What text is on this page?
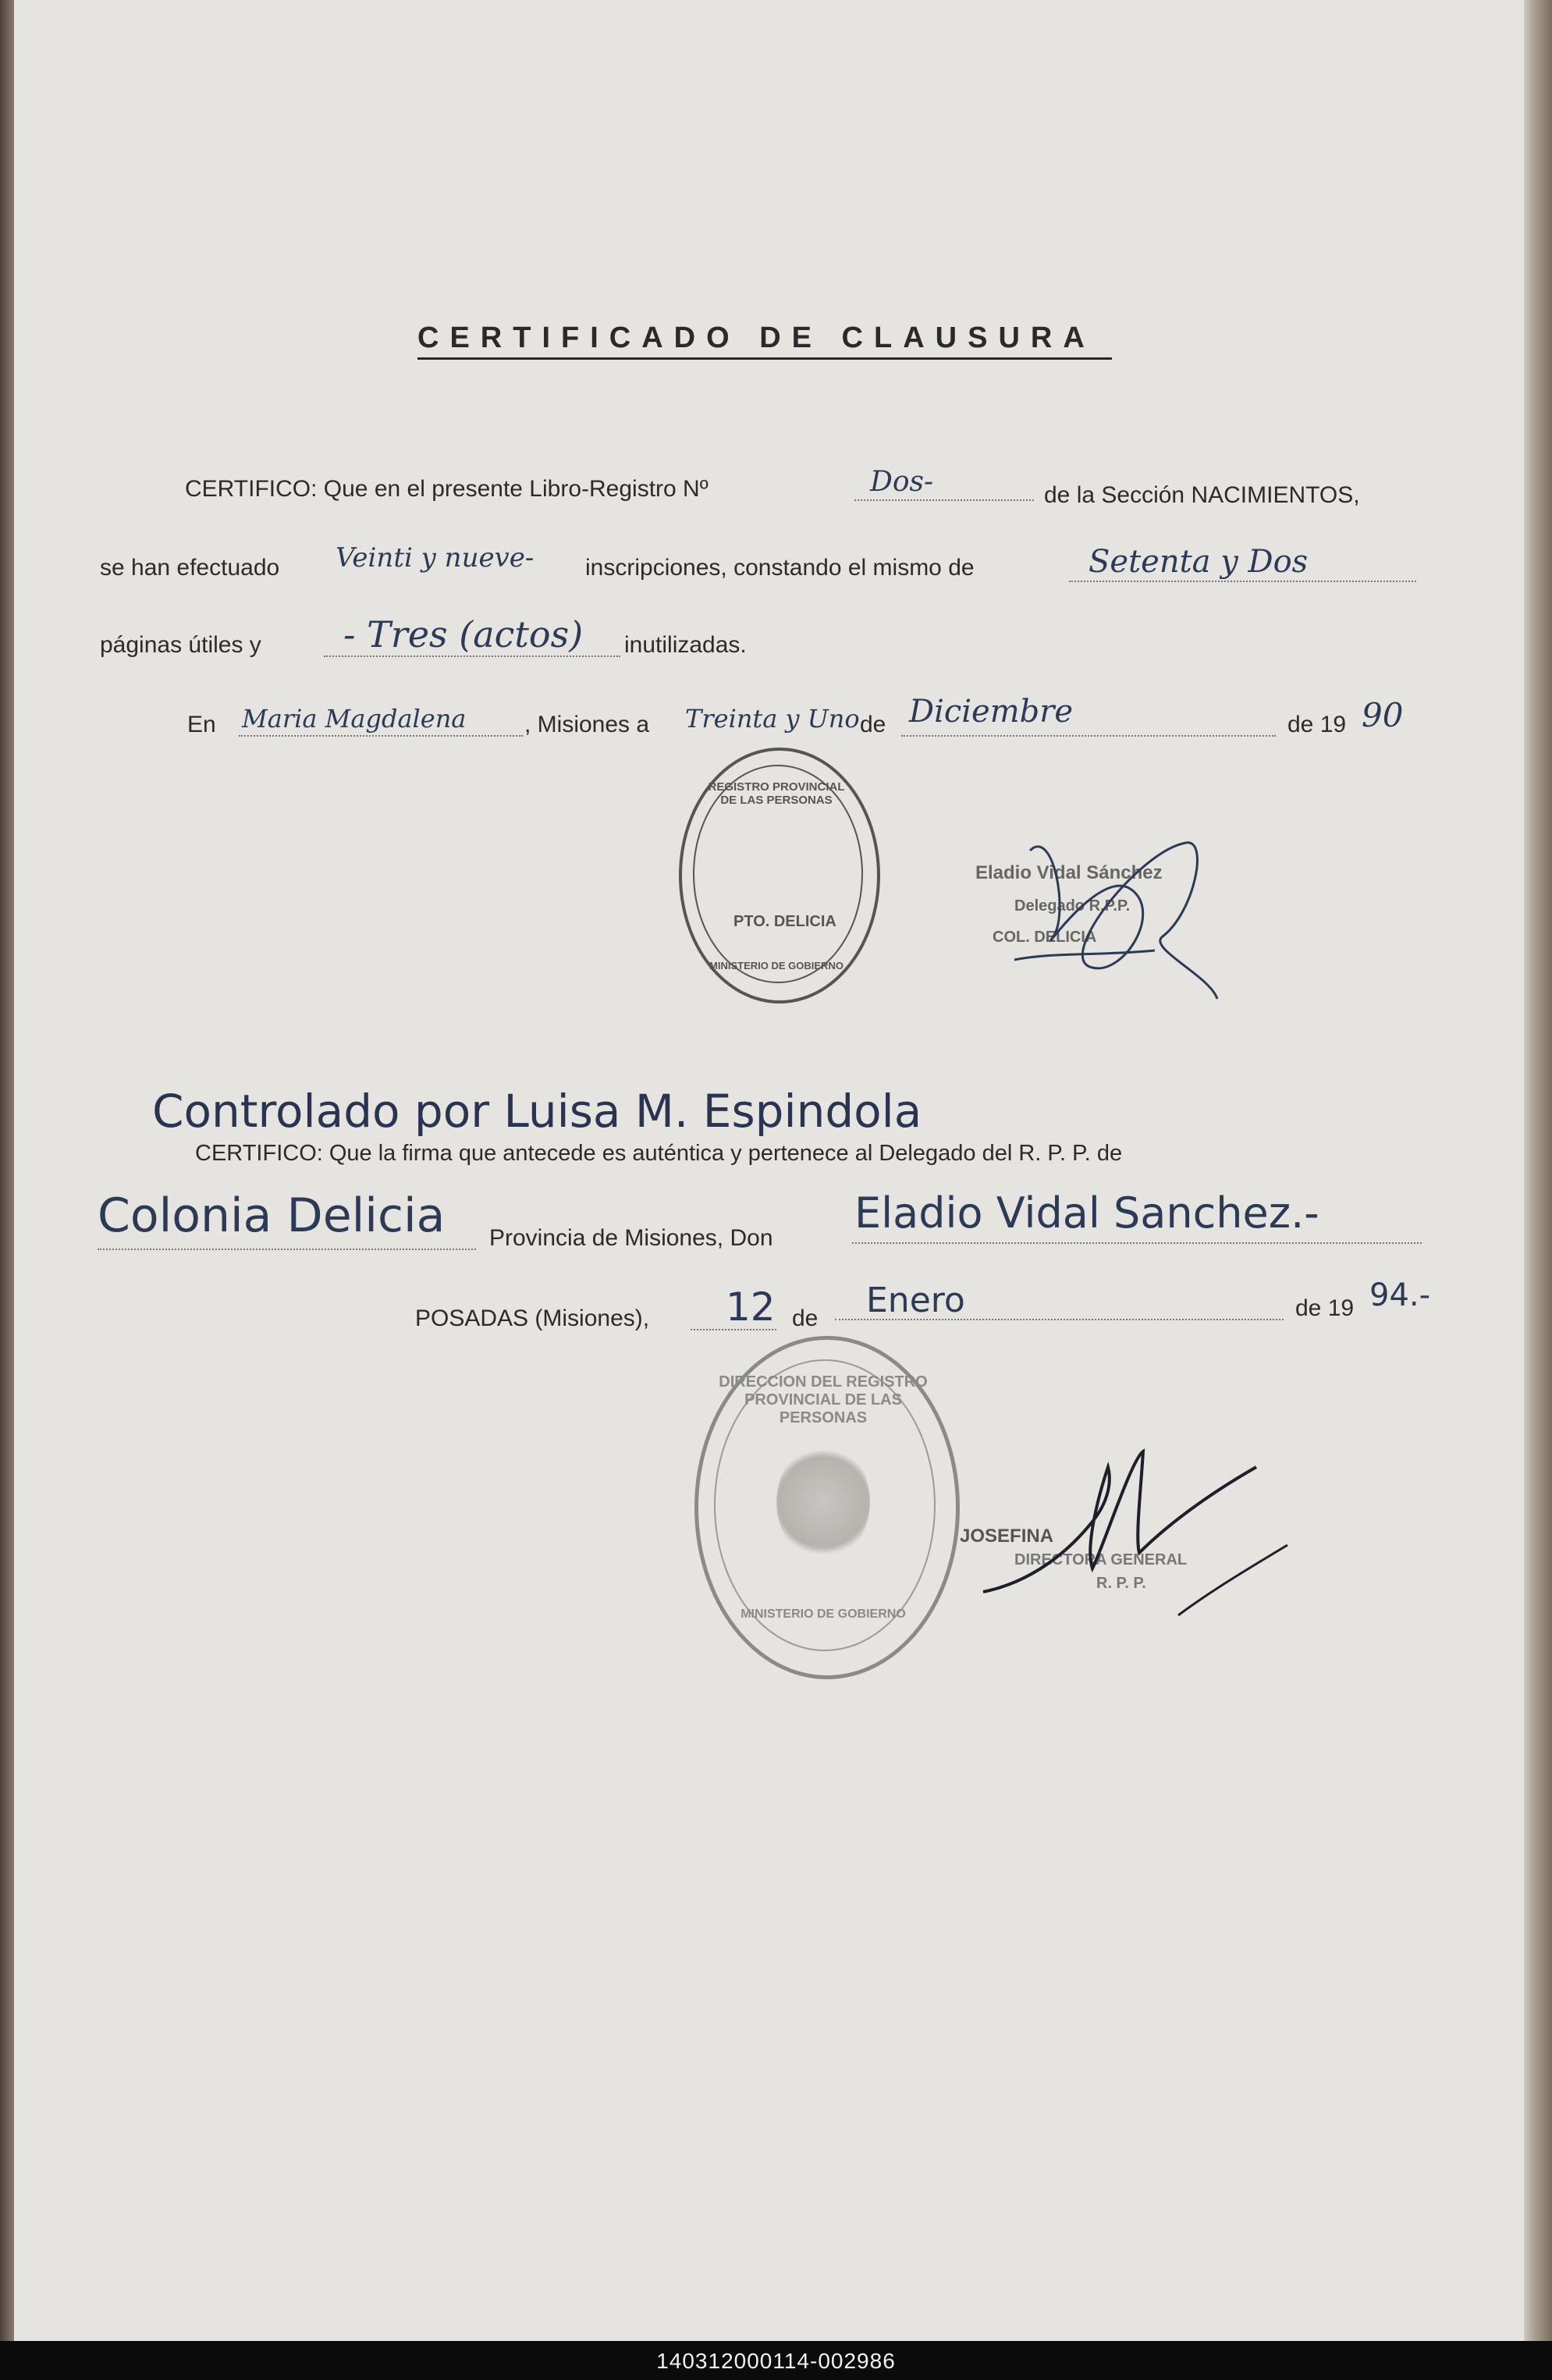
CERTIFICADO DE CLAUSURA
CERTIFICO: Que en el presente Libro-Registro Nº	Dos-	de la Sección NACIMIENTOS,
se han efectuado Veinti y nueve- inscripciones, constando el mismo de	Setenta y Dos
páginas útiles y - Tres (actos) inutilizadas.
En Maria Magdalena , Misiones a Treinta y Uno de Diciembre	de 19 90
REGISTRO PROVINCIAL DE LAS PERSONAS
PTO. DELICIA
MINISTERIO DE GOBIERNO
Eladio Vidal Sánchez
Delegado R.P.P.
COL. DELICIA
Controlado por Luisa M. Espindola
CERTIFICO: Que la firma que antecede es auténtica y pertenece al Delegado del R. P. P. de
Colonia Delicia Provincia de Misiones, Don
Eladio Vidal Sanchez.-
POSADAS (Misiones), 12 de Enero	de 19 94.-
DIRECCION DEL REGISTRO PROVINCIAL DE LAS PERSONAS
MINISTERIO DE GOBIERNO
JOSEFINA
DIRECTORA GENERAL
R. P. P.
140312000114-002986
